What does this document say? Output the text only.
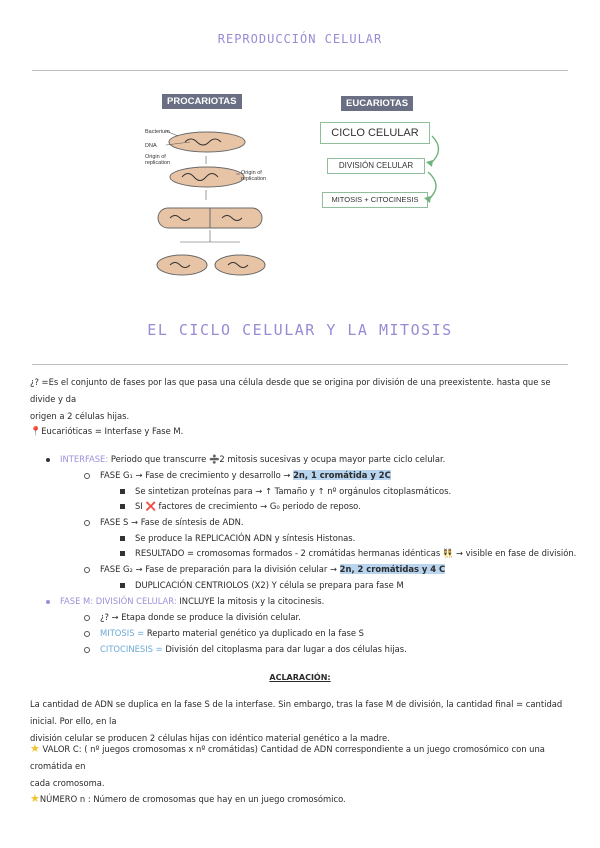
REPRODUCCIÓN CELULAR
PROCARIOTAS	EUCARIOTAS
Bacterium
DNA
Origin of
replication
Origin of
replication
CICLO CELULAR
DIVISIÓN CELULAR
MITOSIS + CITOCINESIS
EL CICLO CELULAR Y LA MITOSIS
¿? =Es el conjunto de fases por las que pasa una célula desde que se origina por división de una preexistente. hasta que se divide y da
origen a 2 células hijas.
📍Eucarióticas = Interfase y Fase M.
INTERFASE: Periodo que transcurre ➗2 mitosis sucesivas y ocupa mayor parte ciclo celular.
FASE G₁ → Fase de crecimiento y desarrollo → 2n, 1 cromátida y 2C
Se sintetizan proteínas para → ↑ Tamaño y ↑ nº orgánulos citoplasmáticos.
SI ❌ factores de crecimiento → G₀ periodo de reposo.
FASE S → Fase de síntesis de ADN.
Se produce la REPLICACIÓN ADN y síntesis Histonas.
RESULTADO = cromosomas formados - 2 cromátidas hermanas idénticas 👯 → visible en fase de división.
FASE G₂ → Fase de preparación para la división celular → 2n, 2 cromátidas y 4 C
DUPLICACIÓN CENTRIOLOS (X2) Y célula se prepara para fase M
FASE M: DIVISIÓN CELULAR: INCLUYE la mitosis y la citocinesis.
¿? → Etapa donde se produce la división celular.
MITOSIS = Reparto material genético ya duplicado en la fase S
CITOCINESIS = División del citoplasma para dar lugar a dos células hijas.
ACLARACIÓN:
La cantidad de ADN se duplica en la fase S de la interfase. Sin embargo, tras la fase M de división, la cantidad final = cantidad inicial. Por ello, en la
división celular se producen 2 células hijas con idéntico material genético a la madre.
★ VALOR C: ( nº juegos cromosomas x nº cromátidas) Cantidad de ADN correspondiente a un juego cromosómico con una cromátida en
cada cromosoma.
★NÚMERO n : Número de cromosomas que hay en un juego cromosómico.
